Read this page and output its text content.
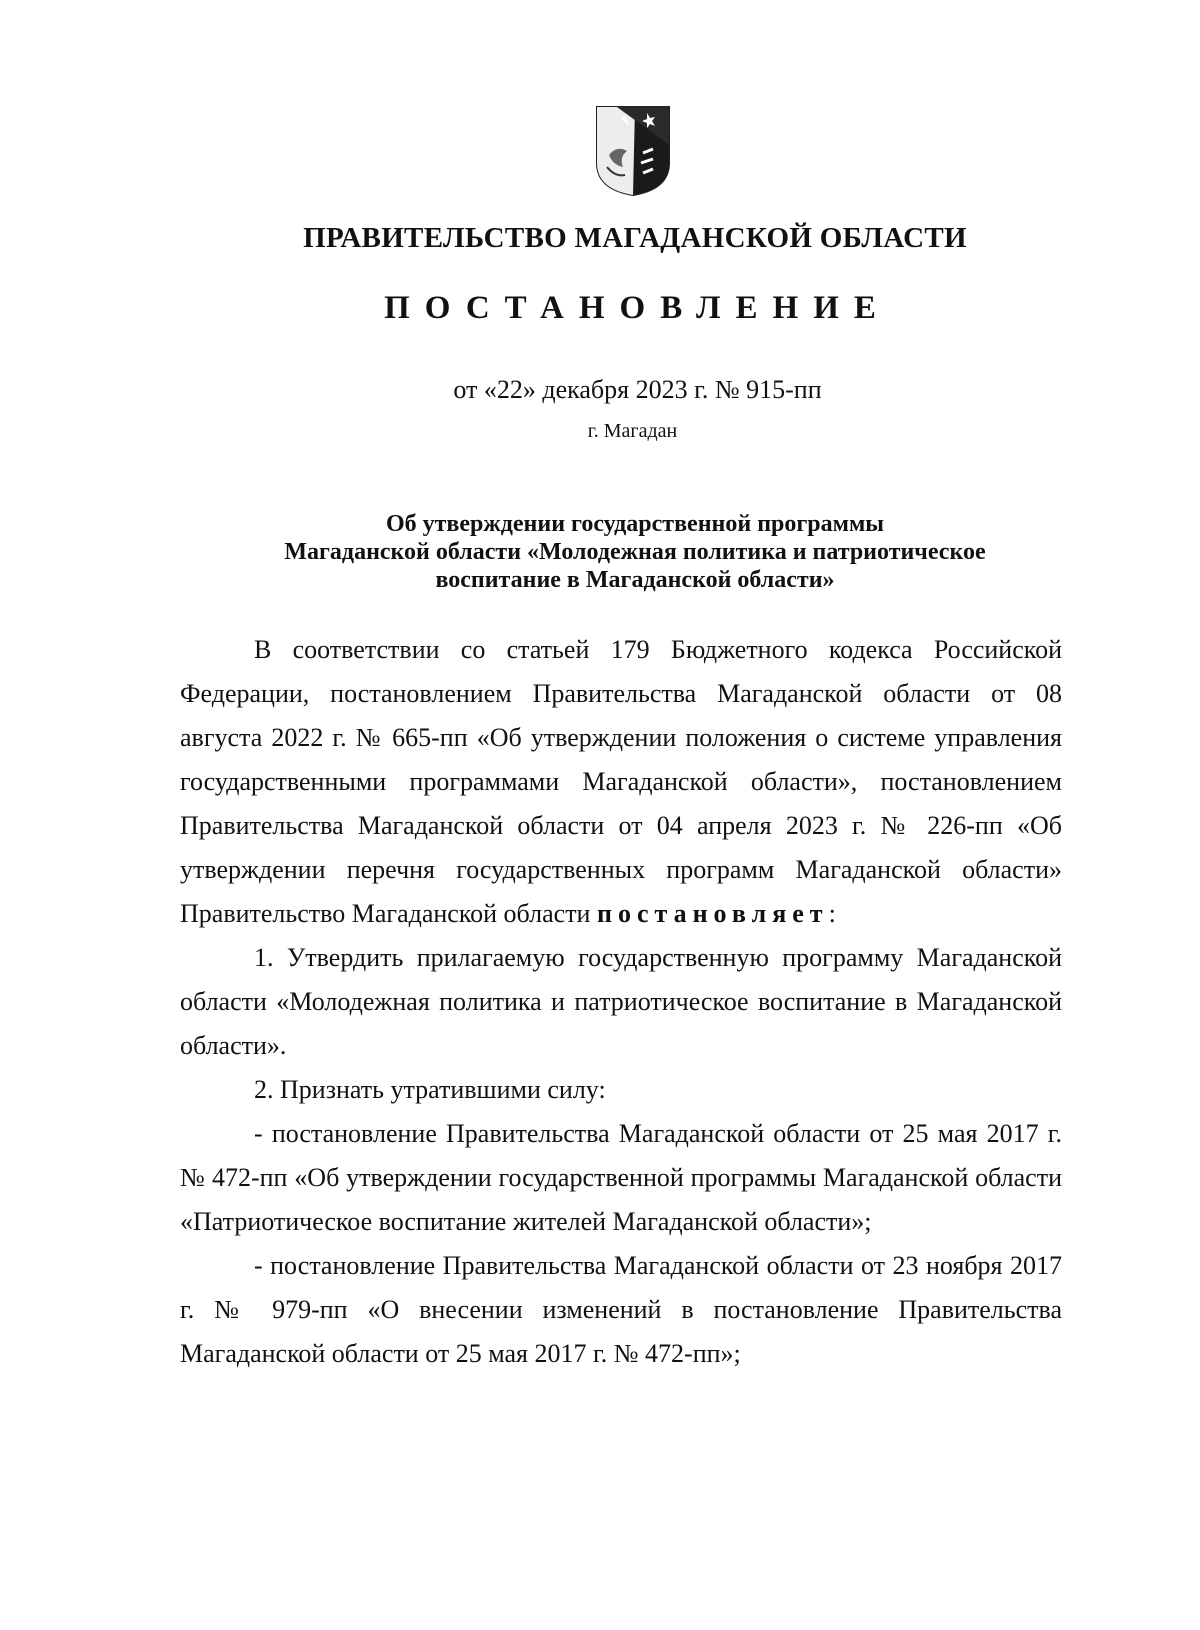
ПРАВИТЕЛЬСТВО МАГАДАНСКОЙ ОБЛАСТИ
ПОСТАНОВЛЕНИЕ
от «22» декабря 2023 г. № 915-пп
г. Магадан
Об утверждении государственной программы
Магаданской области «Молодежная политика и патриотическое
воспитание в Магаданской области»

В соответствии со статьей 179 Бюджетного кодекса Российской Федерации, постановлением Правительства Магаданской области от 08 августа 2022 г. № 665-пп «Об утверждении положения о системе управления государственными программами Магаданской области», постановлением Правительства Магаданской области от 04 апреля 2023 г. № 226-пп «Об утверждении перечня государственных программ Магаданской области» Правительство Магаданской области постановляет:

1. Утвердить прилагаемую государственную программу Магаданской области «Молодежная политика и патриотическое воспитание в Магаданской области».

2. Признать утратившими силу:

- постановление Правительства Магаданской области от 25 мая 2017 г. № 472-пп «Об утверждении государственной программы Магаданской области «Патриотическое воспитание жителей Магаданской области»;

- постановление Правительства Магаданской области от 23 ноября 2017 г. № 979-пп «О внесении изменений в постановление Правительства Магаданской области от 25 мая 2017 г. № 472-пп»;
